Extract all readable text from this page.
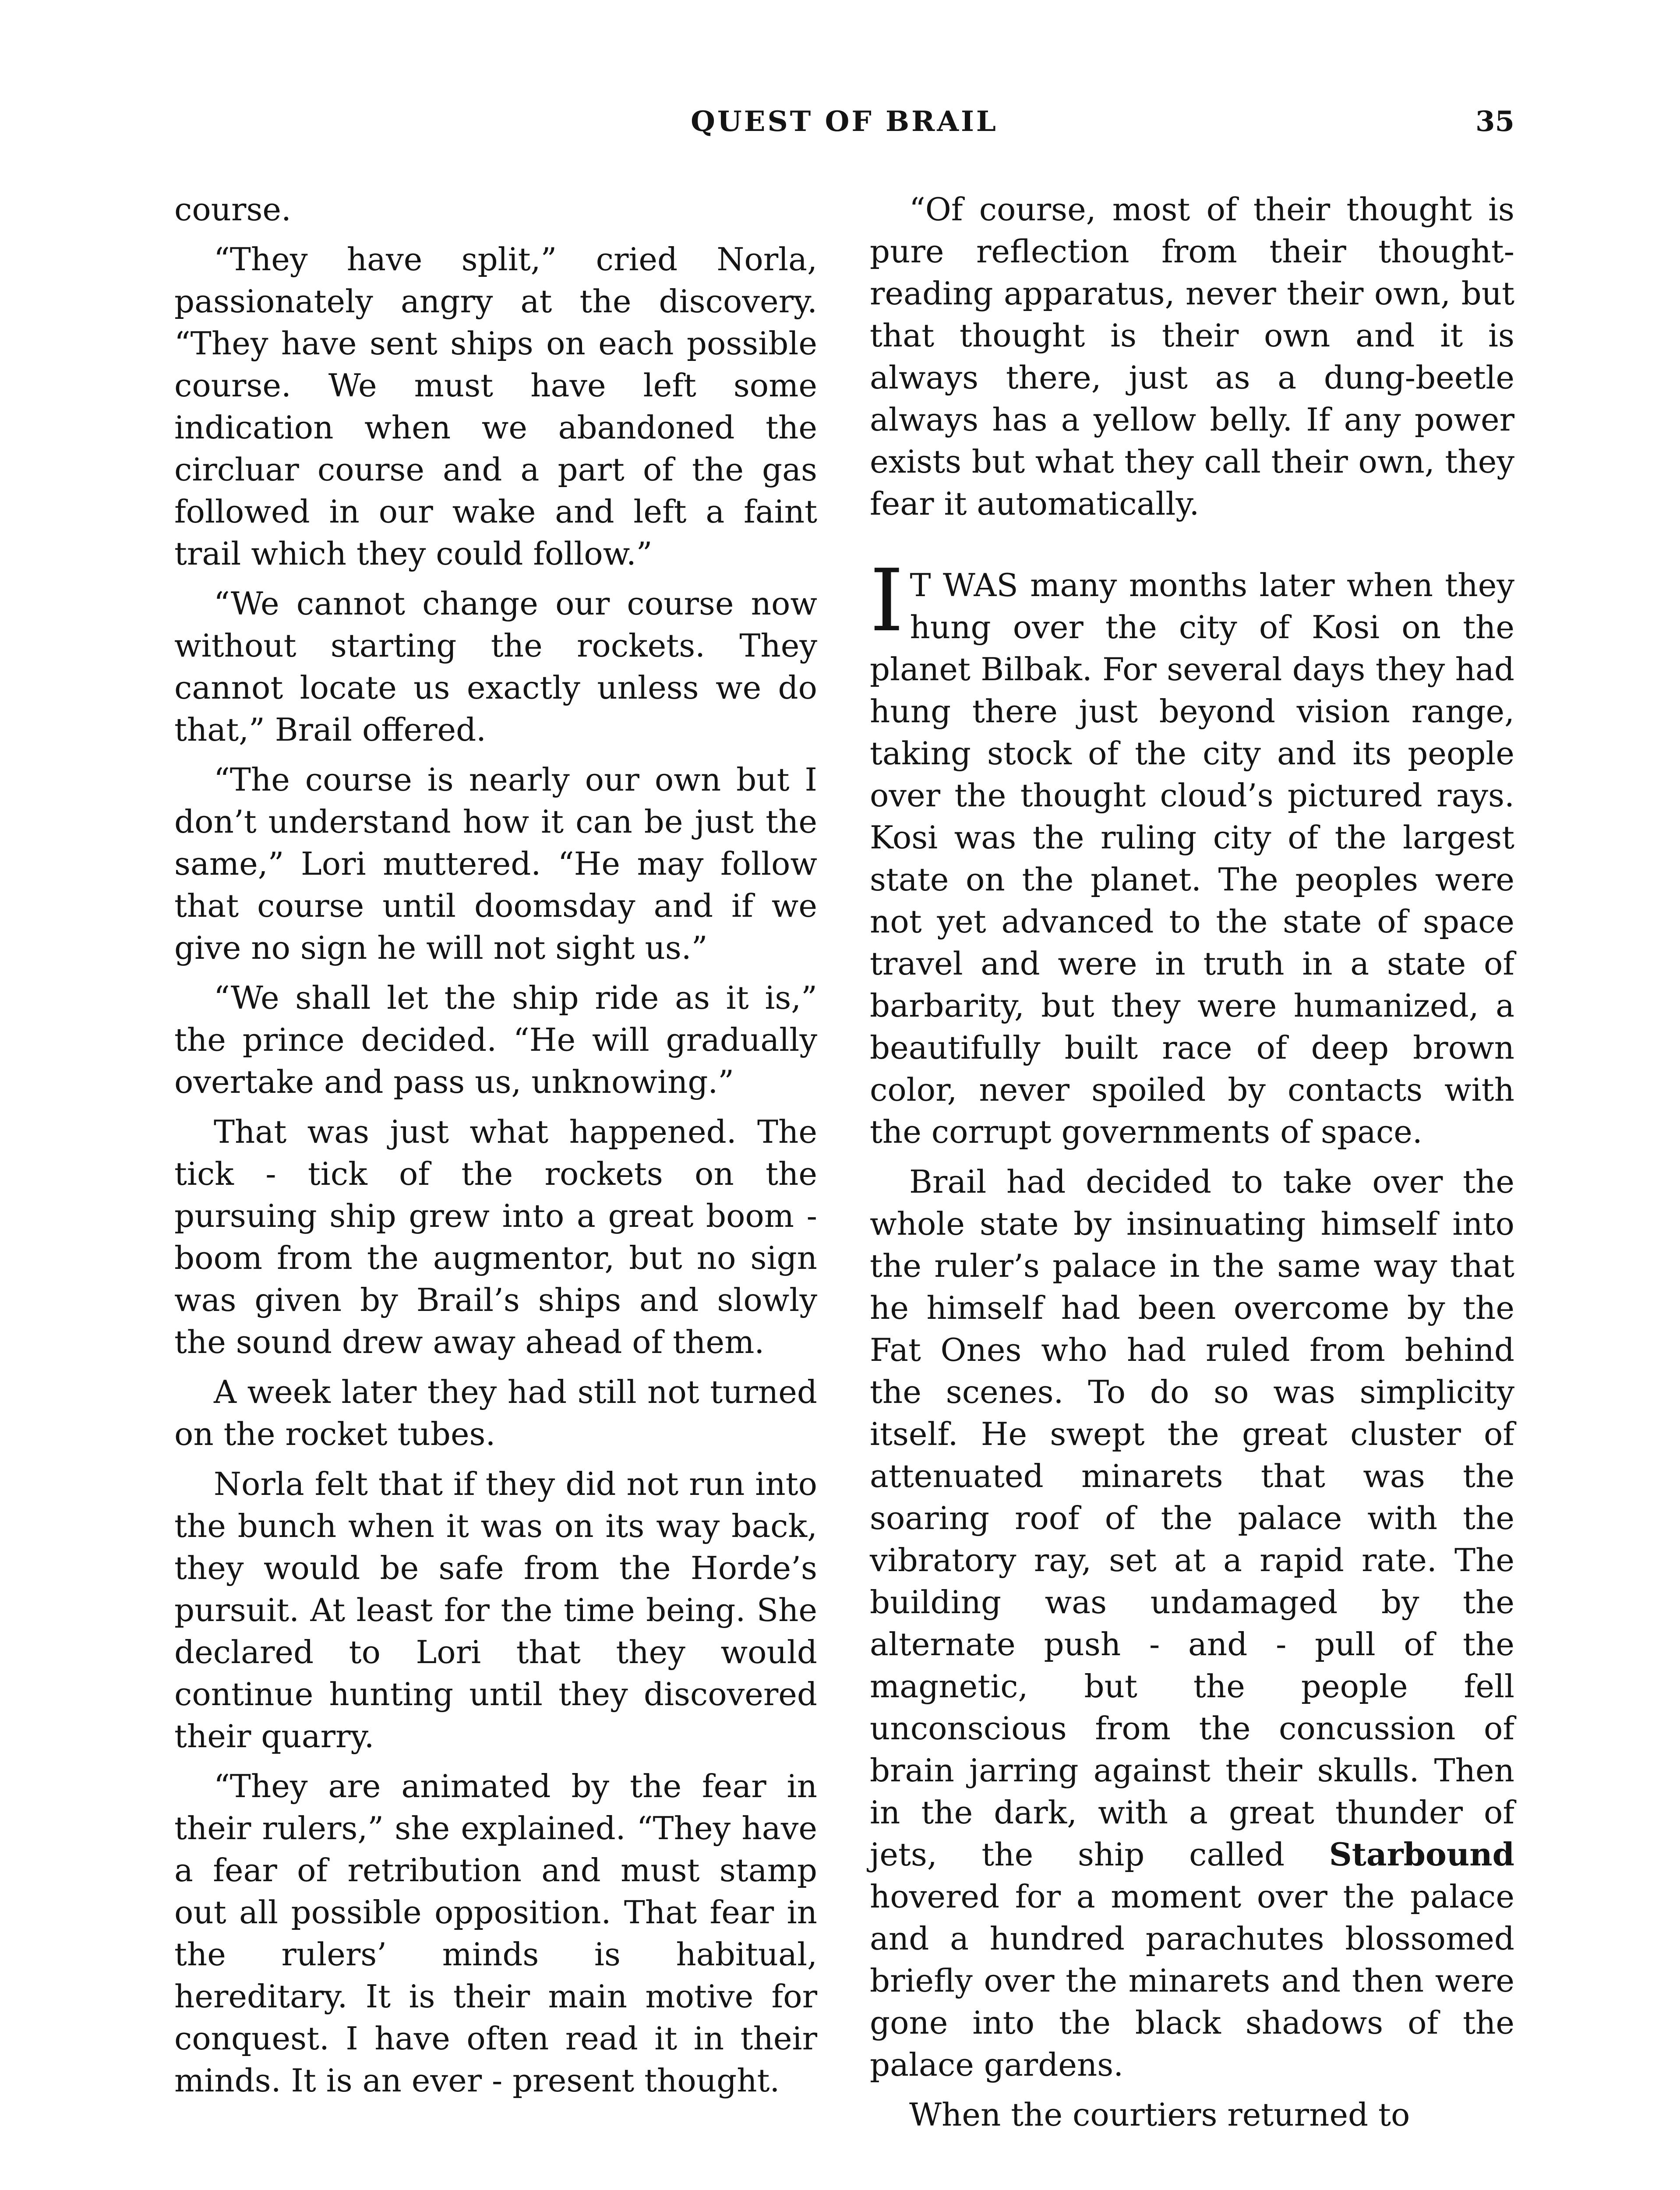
QUEST OF BRAIL	35

course.

“They have split,” cried Norla, passionately angry at the discovery. “They have sent ships on each possible course. We must have left some indication when we abandoned the circluar course and a part of the gas followed in our wake and left a faint trail which they could follow.”

“We cannot change our course now without starting the rockets. They cannot locate us exactly unless we do that,” Brail offered.

“The course is nearly our own but I don’t understand how it can be just the same,” Lori muttered. “He may follow that course until doomsday and if we give no sign he will not sight us.”

“We shall let the ship ride as it is,” the prince decided. “He will gradually overtake and pass us, unknowing.”

That was just what happened. The tick - tick of the rockets on the pursuing ship grew into a great boom - boom from the augmentor, but no sign was given by Brail’s ships and slowly the sound drew away ahead of them.

A week later they had still not turned on the rocket tubes.

Norla felt that if they did not run into the bunch when it was on its way back, they would be safe from the Horde’s pursuit. At least for the time being. She declared to Lori that they would continue hunting until they discovered their quarry.

“They are animated by the fear in their rulers,” she explained. “They have a fear of retribution and must stamp out all possible opposition. That fear in the rulers’ minds is habitual, hereditary. It is their main motive for conquest. I have often read it in their minds. It is an ever - present thought.

“Of course, most of their thought is pure reflection from their thought-reading apparatus, never their own, but that thought is their own and it is always there, just as a dung-beetle always has a yellow belly. If any power exists but what they call their own, they fear it automatically.

I T WAS many months later when they hung over the city of Kosi on the planet Bilbak. For several days they had hung there just beyond vision range, taking stock of the city and its people over the thought cloud’s pictured rays. Kosi was the ruling city of the largest state on the planet. The peoples were not yet advanced to the state of space travel and were in truth in a state of barbarity, but they were humanized, a beautifully built race of deep brown color, never spoiled by contacts with the corrupt governments of space.

Brail had decided to take over the whole state by insinuating himself into the ruler’s palace in the same way that he himself had been overcome by the Fat Ones who had ruled from behind the scenes. To do so was simplicity itself. He swept the great cluster of attenuated minarets that was the soaring roof of the palace with the vibratory ray, set at a rapid rate. The building was undamaged by the alternate push - and - pull of the magnetic, but the people fell unconscious from the concussion of brain jarring against their skulls. Then in the dark, with a great thunder of jets, the ship called Starbound hovered for a moment over the palace and a hundred parachutes blossomed briefly over the minarets and then were gone into the black shadows of the palace gardens.

When the courtiers returned to
